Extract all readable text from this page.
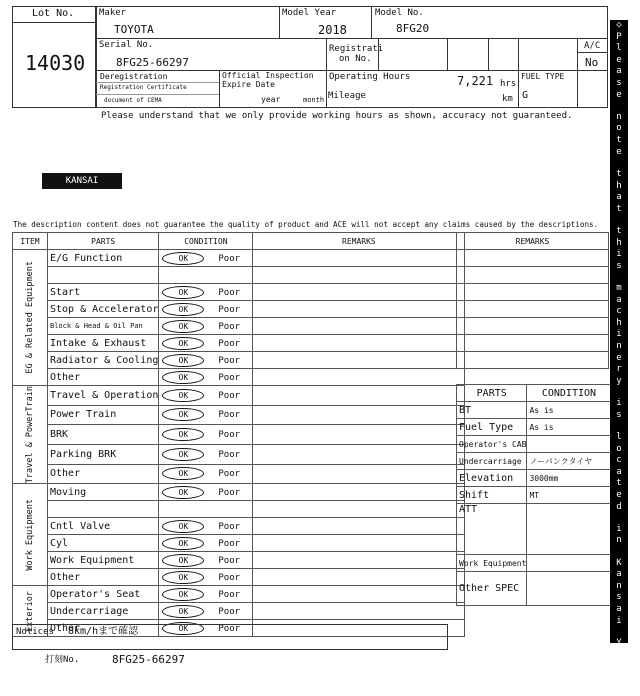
Lot No.
14030
Maker
TOYOTA
Model Year
2018
Model No.
8FG20
Serial No.
8FG25-66297
Registrati
on No.
A/C
No
Deregistration
Registration Certificate
document of CEMA
Official Inspection
Expire Date
year	month
Operating Hours	7,221 hrs
Mileage	km
FUEL TYPE
G
Please understand that we only provide working hours as shown, accuracy not guaranteed.
KANSAI
The description content does not guarantee the quality of product and ACE will not accept any claims caused by the descriptions.
ITEM	PARTS	CONDITION	REMARKS

EG & Related Equipment	E/G Function	OK Poor	

	Start	OK Poor	
	Stop & Accelerator	OK Poor	
	Block & Head & Oil Pan	OK Poor	
	Intake & Exhaust	OK Poor	
	Radiator & Cooling	OK Poor	
	Other	OK Poor	

Travel & PowerTrain	Travel & Operation	OK Poor	
	Power Train	OK Poor	
	BRK	OK Poor	
	Parking BRK	OK Poor	
	Other	OK Poor	

Work Equipment	Moving	OK Poor	

	Cntl Valve	OK Poor	
	Cyl	OK Poor	
	Work Equipment	OK Poor	
	Other	OK Poor	

Exterior	Operator's Seat	OK Poor	
	Undercarriage	OK Poor	
	Other	OK Poor	
Notices 8km/hまで確認
打刻No.	8FG25-66297
REMARKS

PARTS	CONDITION
BT	As is
Fuel Type	As is
Operator's CAB	
Undercarriage	ノーパンクタイヤ
Elevation	3000mm
Shift	MT
ATT	
Work Equipment	
Other SPEC	
◇
P
l
e
a
s
e
n
o
t
e
t
h
a
t
t
h
i
s
m
a
c
h
i
n
e
r
y
i
s
l
o
c
a
t
e
d
i
n
K
a
n
s
a
i
Y
a
r
d
◇
